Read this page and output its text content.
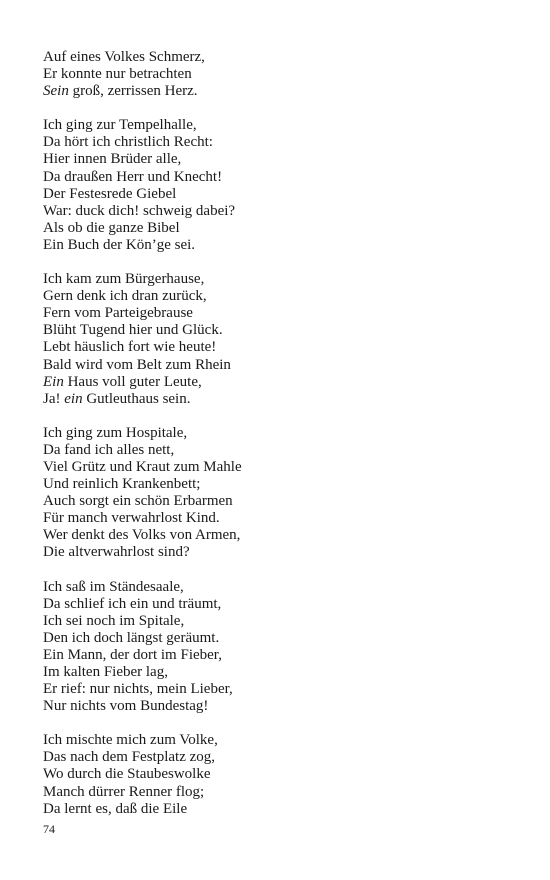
Auf eines Volkes Schmerz,
Er konnte nur betrachten
Sein groß, zerrissen Herz.
Ich ging zur Tempelhalle,
Da hört ich christlich Recht:
Hier innen Brüder alle,
Da draußen Herr und Knecht!
Der Festesrede Giebel
War: duck dich! schweig dabei?
Als ob die ganze Bibel
Ein Buch der Kön’ge sei.
Ich kam zum Bürgerhause,
Gern denk ich dran zurück,
Fern vom Parteigebrause
Blüht Tugend hier und Glück.
Lebt häuslich fort wie heute!
Bald wird vom Belt zum Rhein
Ein Haus voll guter Leute,
Ja! ein Gutleuthaus sein.
Ich ging zum Hospitale,
Da fand ich alles nett,
Viel Grütz und Kraut zum Mahle
Und reinlich Krankenbett;
Auch sorgt ein schön Erbarmen
Für manch verwahrlost Kind.
Wer denkt des Volks von Armen,
Die altverwahrlost sind?
Ich saß im Ständesaale,
Da schlief ich ein und träumt,
Ich sei noch im Spitale,
Den ich doch längst geräumt.
Ein Mann, der dort im Fieber,
Im kalten Fieber lag,
Er rief: nur nichts, mein Lieber,
Nur nichts vom Bundestag!
Ich mischte mich zum Volke,
Das nach dem Festplatz zog,
Wo durch die Staubeswolke
Manch dürrer Renner flog;
Da lernt es, daß die Eile
74
